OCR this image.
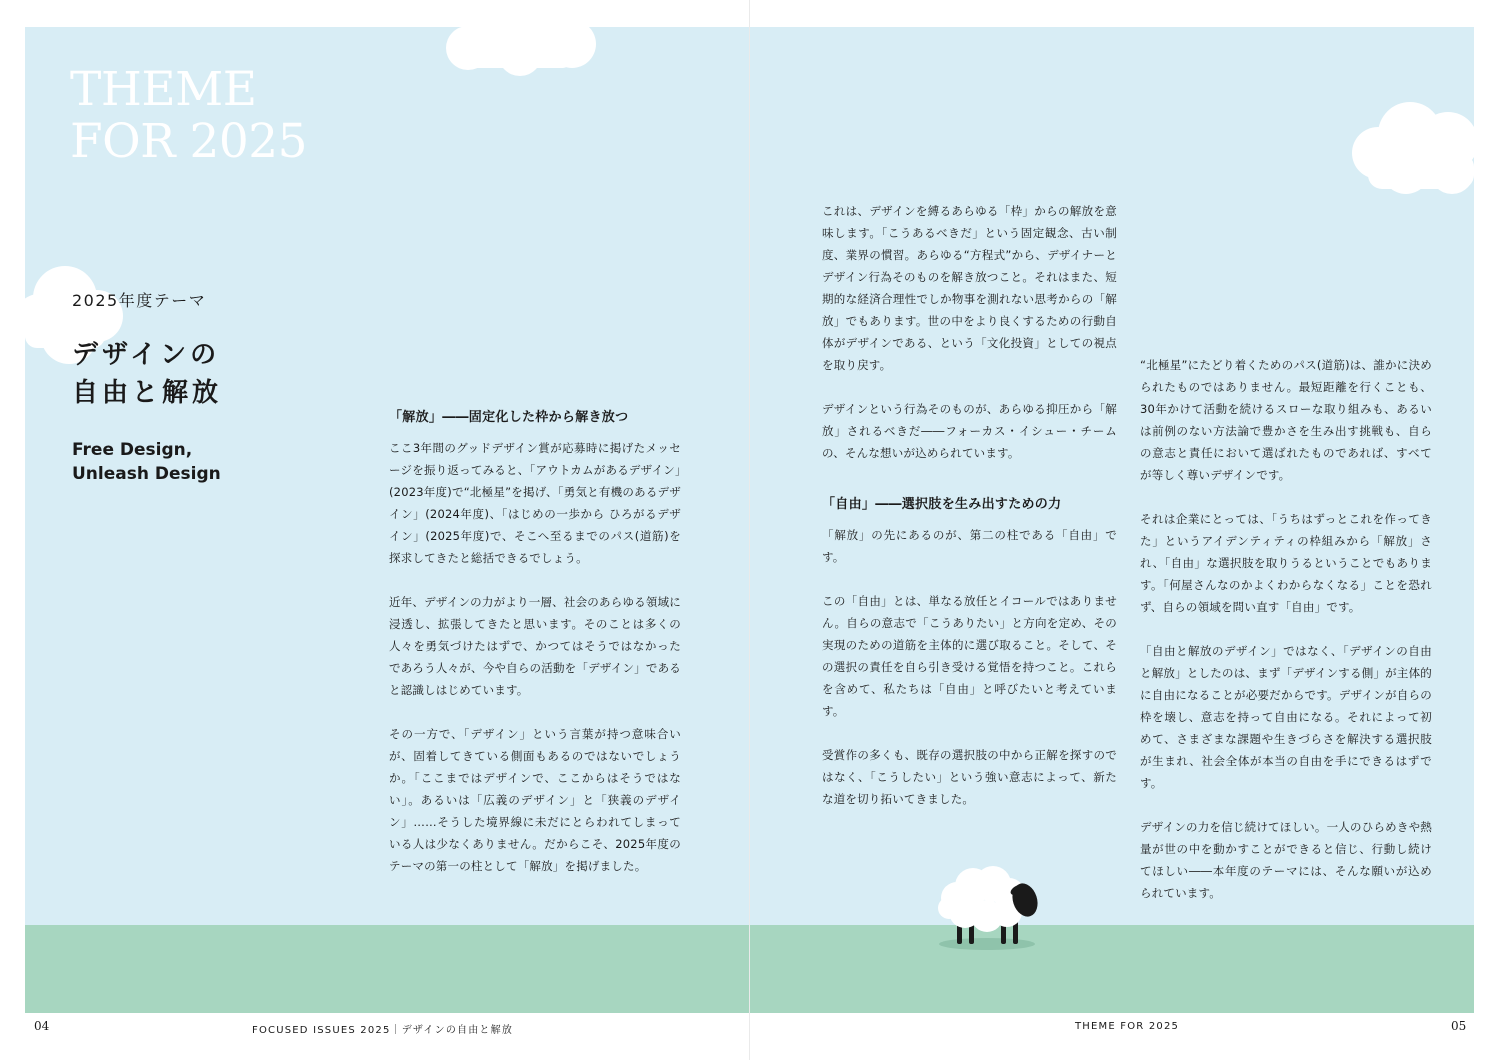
THEME
FOR 2025
2025年度テーマ
デザインの
自由と解放
Free Design,
Unleash Design
「解放」――固定化した枠から解き放つ

ここ3年間のグッドデザイン賞が応募時に掲げたメッセージを振り返ってみると、「アウトカムがあるデザイン」(2023年度)で“北極星”を掲げ、「勇気と有機のあるデザイン」(2024年度)、「はじめの一歩から ひろがるデザイン」(2025年度)で、そこへ至るまでのパス(道筋)を探求してきたと総括できるでしょう。

近年、デザインの力がより一層、社会のあらゆる領域に浸透し、拡張してきたと思います。そのことは多くの人々を勇気づけたはずで、かつてはそうではなかったであろう人々が、今や自らの活動を「デザイン」であると認識しはじめています。

その一方で、「デザイン」という言葉が持つ意味合いが、固着してきている側面もあるのではないでしょうか。「ここまではデザインで、ここからはそうではない」。あるいは「広義のデザイン」と「狭義のデザイン」……そうした境界線に未だにとらわれてしまっている人は少なくありません。だからこそ、2025年度のテーマの第一の柱として「解放」を掲げました。

これは、デザインを縛るあらゆる「枠」からの解放を意味します。「こうあるべきだ」という固定観念、古い制度、業界の慣習。あらゆる“方程式”から、デザイナーとデザイン行為そのものを解き放つこと。それはまた、短期的な経済合理性でしか物事を測れない思考からの「解放」でもあります。世の中をより良くするための行動自体がデザインである、という「文化投資」としての視点を取り戻す。

デザインという行為そのものが、あらゆる抑圧から「解放」されるべきだ――フォーカス・イシュー・チームの、そんな想いが込められています。

「自由」――選択肢を生み出すための力

「解放」の先にあるのが、第二の柱である「自由」です。

この「自由」とは、単なる放任とイコールではありません。自らの意志で「こうありたい」と方向を定め、その実現のための道筋を主体的に選び取ること。そして、その選択の責任を自ら引き受ける覚悟を持つこと。これらを含めて、私たちは「自由」と呼びたいと考えています。

受賞作の多くも、既存の選択肢の中から正解を探すのではなく、「こうしたい」という強い意志によって、新たな道を切り拓いてきました。

“北極星”にたどり着くためのパス(道筋)は、誰かに決められたものではありません。最短距離を行くことも、30年かけて活動を続けるスローな取り組みも、あるいは前例のない方法論で豊かさを生み出す挑戦も、自らの意志と責任において選ばれたものであれば、すべてが等しく尊いデザインです。

それは企業にとっては、「うちはずっとこれを作ってきた」というアイデンティティの枠組みから「解放」され、「自由」な選択肢を取りうるということでもあります。「何屋さんなのかよくわからなくなる」ことを恐れず、自らの領域を問い直す「自由」です。

「自由と解放のデザイン」ではなく、「デザインの自由と解放」としたのは、まず「デザインする側」が主体的に自由になることが必要だからです。デザインが自らの枠を壊し、意志を持って自由になる。それによって初めて、さまざまな課題や生きづらさを解決する選択肢が生まれ、社会全体が本当の自由を手にできるはずです。

デザインの力を信じ続けてほしい。一人のひらめきや熱量が世の中を動かすことができると信じ、行動し続けてほしい――本年度のテーマには、そんな願いが込められています。

04	FOCUSED ISSUES 2025｜デザインの自由と解放	THEME FOR 2025	05
